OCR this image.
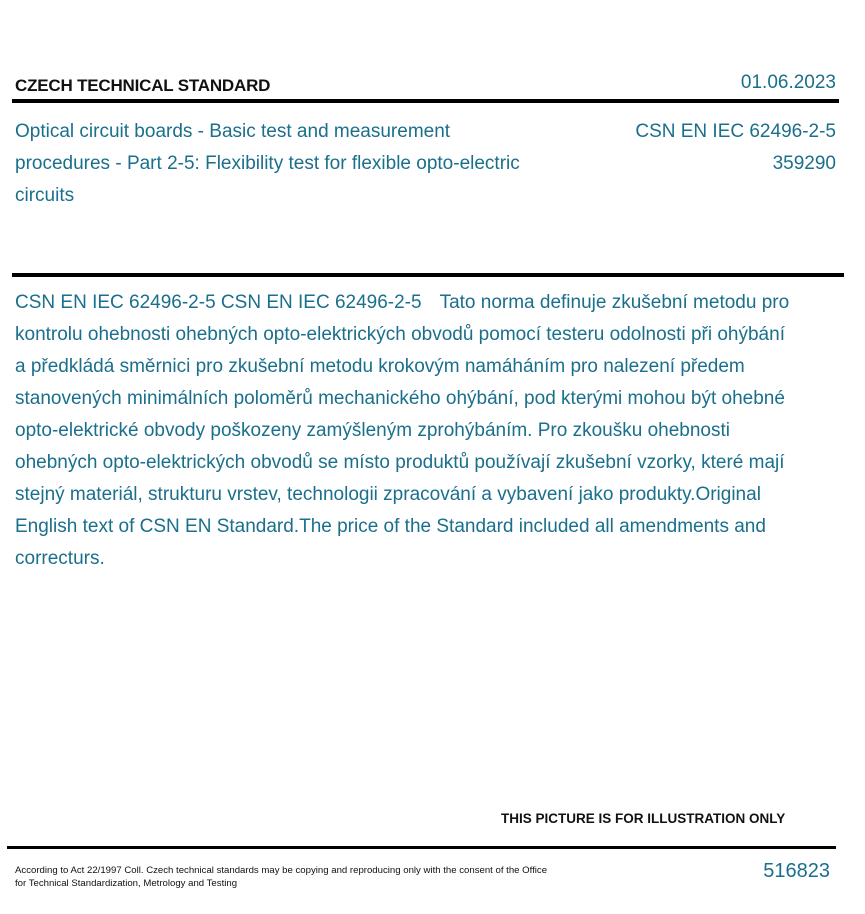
CZECH TECHNICAL STANDARD	01.06.2023
Optical circuit boards - Basic test and measurement procedures - Part 2-5: Flexibility test for flexible opto-electric circuits
CSN EN IEC 62496-2-5
359290
CSN EN IEC 62496-2-5 CSN EN IEC 62496-2-5 Tato norma definuje zkušební metodu pro kontrolu ohebnosti ohebných opto-elektrických obvodů pomocí testeru odolnosti při ohýbání a předkládá směrnici pro zkušební metodu krokovým namáháním pro nalezení předem stanovených minimálních poloměrů mechanického ohýbání, pod kterými mohou být ohebné opto-elektrické obvody poškozeny zamýšleným zprohýbáním. Pro zkoušku ohebnosti ohebných opto-elektrických obvodů se místo produktů používají zkušební vzorky, které mají stejný materiál, strukturu vrstev, technologii zpracování a vybavení jako produkty.Original English text of CSN EN Standard.The price of the Standard included all amendments and correcturs.
THIS PICTURE IS FOR ILLUSTRATION ONLY
According to Act 22/1997 Coll. Czech technical standards may be copying and reproducing only with the consent of the Office
for Technical Standardization, Metrology and Testing
516823
